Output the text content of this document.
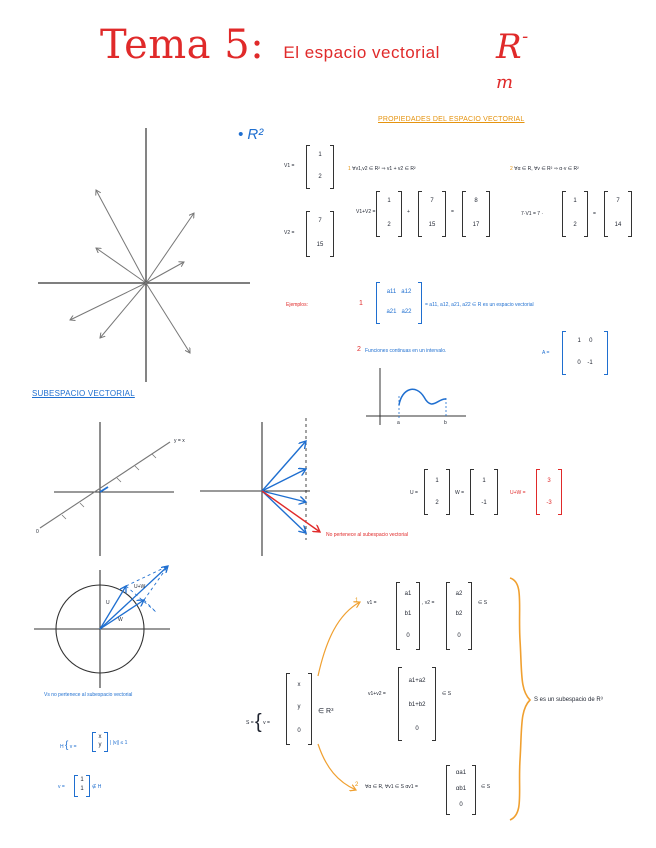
Tema 5: El espacio vectorial $R^{-m}$
• R²
PROPIEDADES DEL ESPACIO VECTORIAL
V1 =
1
2
V2 =
7
15
1 ∀v1,v2 ∈ R² ⇒ v1 + v2 ∈ R²
V1+V2 =
1
2
+
7
15
=
8
17
2 ∀α ∈ R, ∀v ∈ R² ⇒ α·v ∈ R²
7·V1 = 7 ·
1
2
=
7
14
Ejemplos:	1
a11 a12
a21 a22
= a11, a12, a21, a22 ∈ R es un espacio vectorial
2 Funciones continuas en un intervalo.	A =
1 0
0 -1
a	b
SUBESPACIO VECTORIAL
y = x
0
U =
1
2
W =
1
-1
U+W =
3
-3
No pertenece al subespacio vectorial
U
W
U+W
Vs no pertenece al subespacio vectorial
H { v =
x
y	| |v|| ≤ 1
v =
1
1	∉ H
S = { v =
x
y
0
∈ R³
1 v1 =
a1
b1
0
, v2 =
a2
b2
0
∈ S
v1+v2 =
a1+a2
b1+b2
0
∈ S
2 ∀α ∈ R, ∀v1 ∈ S αv1 =
αa1
αb1
0
∈ S
S es un subespacio de R³
